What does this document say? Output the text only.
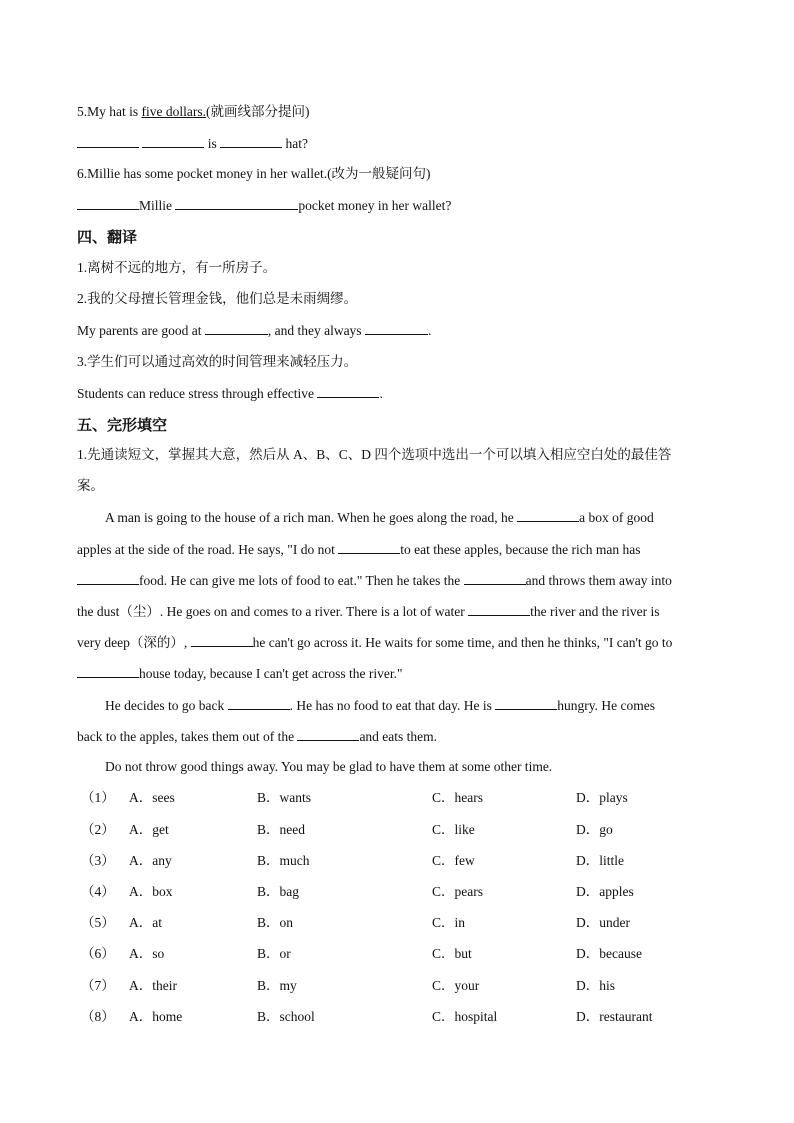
5.My hat is five dollars.(就画线部分提问)
is	hat?
6.Millie has some pocket money in her wallet.(改为一般疑问句)
Millie	pocket money in her wallet?
四、翻译
1.离树不远的地方，有一所房子。
2.我的父母擅长管理金钱，他们总是未雨绸缪。
My parents are good at	, and they always	.
3.学生们可以通过高效的时间管理来减轻压力。
Students can reduce stress through effective	.
五、完形填空
1.先通读短文，掌握其大意，然后从 A、B、C、D 四个选项中选出一个可以填入相应空白处的最佳答
案。
A man is going to the house of a rich man. When he goes along the road, he	a box of good
apples at the side of the road. He says, "I do not	to eat these apples, because the rich man has
food. He can give me lots of food to eat." Then he takes the	and throws them away into
the dust（尘）. He goes on and comes to a river. There is a lot of water	the river and the river is
very deep（深的）,	he can't go across it. He waits for some time, and then he thinks, "I can't go to
house today, because I can't get across the river."
He decides to go back	. He has no food to eat that day. He is	hungry. He comes
back to the apples, takes them out of the	and eats them.
Do not throw good things away. You may be glad to have them at some other time.
（1） A．sees	B．wants	C．hears	D．plays
（2） A．get	B．need	C．like	D．go
（3） A．any	B．much	C．few	D．little
（4） A．box	B．bag	C．pears	D．apples
（5） A．at	B．on	C．in	D．under
（6） A．so	B．or	C．but	D．because
（7） A．their	B．my	C．your	D．his
（8） A．home	B．school	C．hospital	D．restaurant
